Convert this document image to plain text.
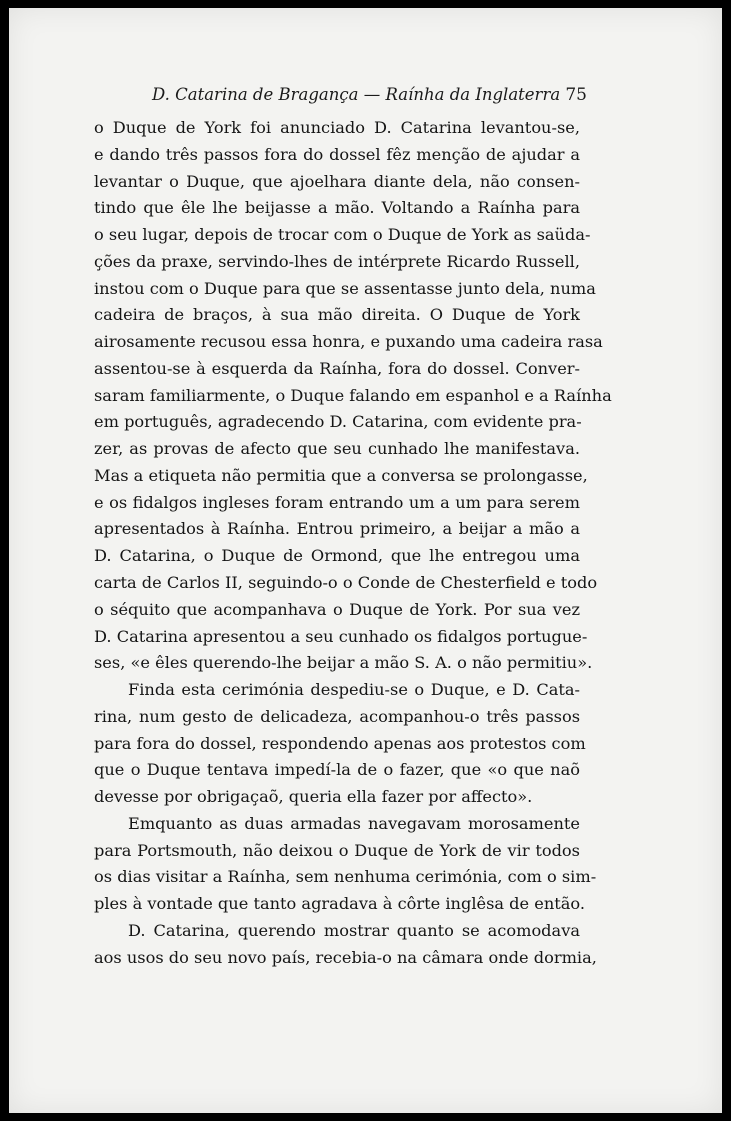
D. Catarina de Bragança — Raínha da Inglaterra 75
o Duque de York foi anunciado D. Catarina levantou-se,
e dando três passos fora do dossel fêz menção de ajudar a
levantar o Duque, que ajoelhara diante dela, não consen-
tindo que êle lhe beijasse a mão. Voltando a Raínha para
o seu lugar, depois de trocar com o Duque de York as saüda-
ções da praxe, servindo-lhes de intérprete Ricardo Russell,
instou com o Duque para que se assentasse junto dela, numa
cadeira de braços, à sua mão direita. O Duque de York
airosamente recusou essa honra, e puxando uma cadeira rasa
assentou-se à esquerda da Raínha, fora do dossel. Conver-
saram familiarmente, o Duque falando em espanhol e a Raínha
em português, agradecendo D. Catarina, com evidente pra-
zer, as provas de afecto que seu cunhado lhe manifestava.
Mas a etiqueta não permitia que a conversa se prolongasse,
e os fidalgos ingleses foram entrando um a um para serem
apresentados à Raínha. Entrou primeiro, a beijar a mão a
D. Catarina, o Duque de Ormond, que lhe entregou uma
carta de Carlos II, seguindo-o o Conde de Chesterfield e todo
o séquito que acompanhava o Duque de York. Por sua vez
D. Catarina apresentou a seu cunhado os fidalgos portugue-
ses, «e êles querendo-lhe beijar a mão S. A. o não permitiu».
Finda esta cerimónia despediu-se o Duque, e D. Cata-
rina, num gesto de delicadeza, acompanhou-o três passos
para fora do dossel, respondendo apenas aos protestos com
que o Duque tentava impedí-la de o fazer, que «o que naõ
devesse por obrigaçaõ, queria ella fazer por affecto».
Emquanto as duas armadas navegavam morosamente
para Portsmouth, não deixou o Duque de York de vir todos
os dias visitar a Raínha, sem nenhuma cerimónia, com o sim-
ples à vontade que tanto agradava à côrte inglêsa de então.
D. Catarina, querendo mostrar quanto se acomodava
aos usos do seu novo país, recebia-o na câmara onde dormia,
